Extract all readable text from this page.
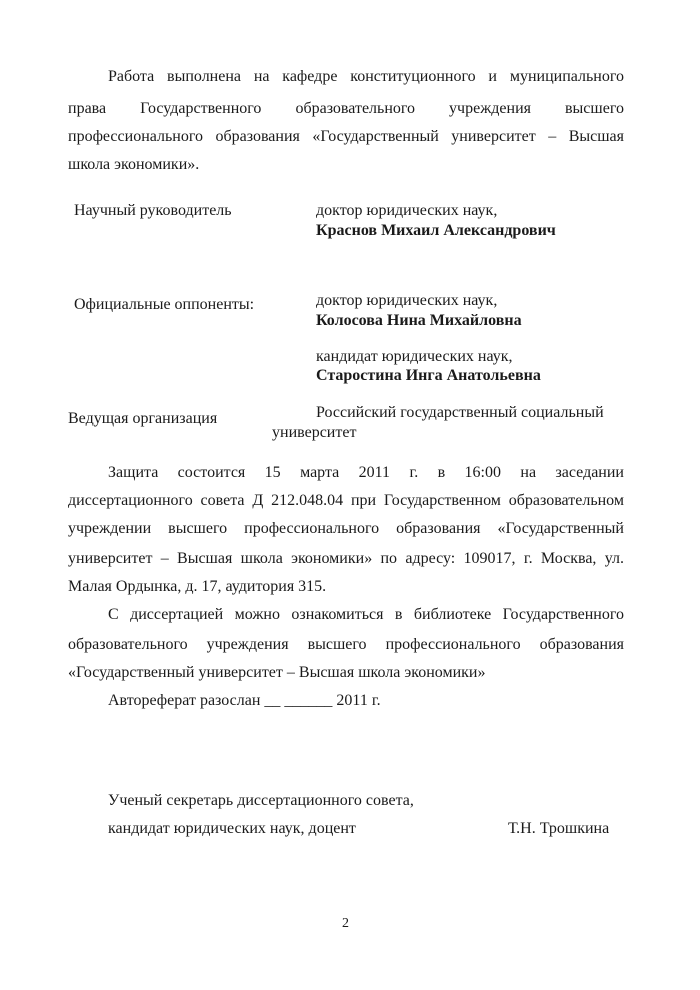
Работа выполнена на кафедре конституционного и муниципального
права Государственного образовательного учреждения высшего
профессионального образования «Государственный университет – Высшая
школа экономики».
Научный руководитель	доктор юридических наук,
Краснов Михаил Александрович
Официальные оппоненты:	доктор юридических наук,
Колосова Нина Михайловна
кандидат юридических наук,
Старостина Инга Анатольевна
Ведущая организация	Российский государственный социальный
университет
Защита состоится 15 марта 2011 г. в 16:00 на заседании
диссертационного совета Д 212.048.04 при Государственном образовательном
учреждении высшего профессионального образования «Государственный
университет – Высшая школа экономики» по адресу: 109017, г. Москва, ул.
Малая Ордынка, д. 17, аудитория 315.
С диссертацией можно ознакомиться в библиотеке Государственного
образовательного учреждения высшего профессионального образования
«Государственный университет – Высшая школа экономики»
Автореферат разослан __ ______ 2011 г.
Ученый секретарь диссертационного совета,
кандидат юридических наук, доцент	Т.Н. Трошкина
2
